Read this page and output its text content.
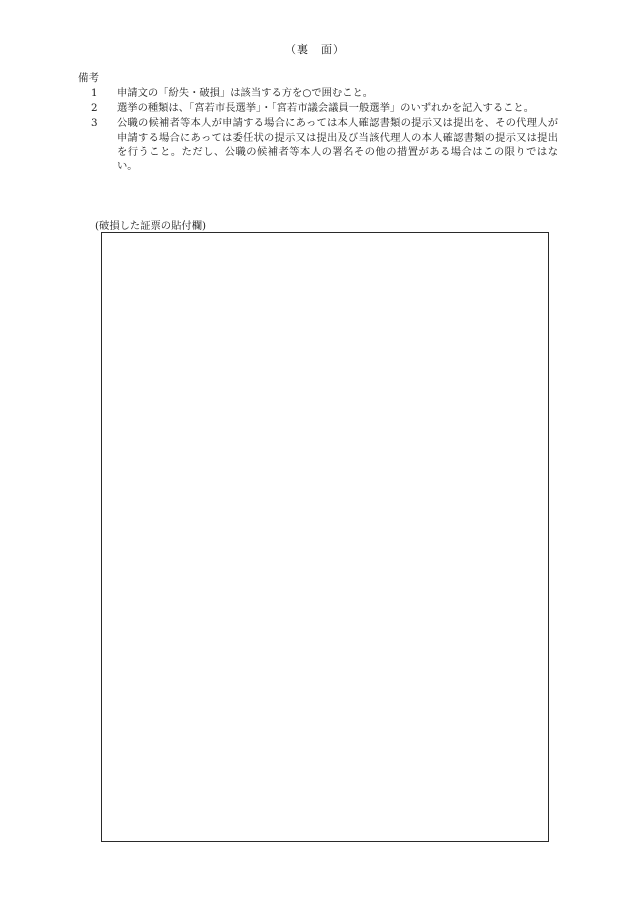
（裏　面）
備考
1	申請文の「紛失・破損」は該当する方を○で囲むこと。
2	選挙の種類は、「宮若市長選挙」・「宮若市議会議員一般選挙」のいずれかを記入すること。
3	公職の候補者等本人が申請する場合にあっては本人確認書類の提示又は提出を、その代理人が申請する場合にあっては委任状の提示又は提出及び当該代理人の本人確認書類の提示又は提出を行うこと。ただし、公職の候補者等本人の署名その他の措置がある場合はこの限りではない。
(破損した証票の貼付欄)
